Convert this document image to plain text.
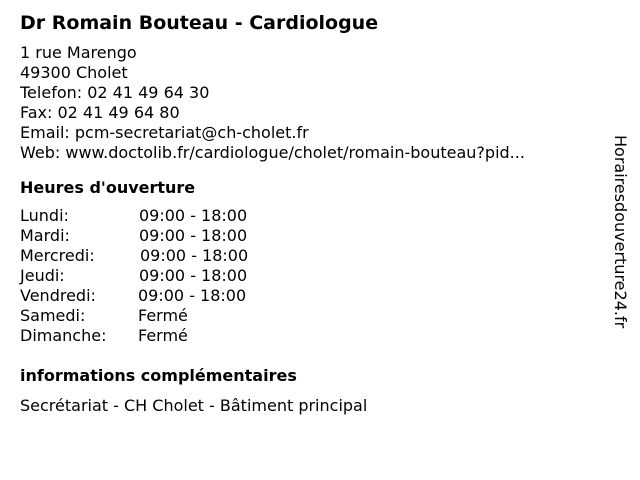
Dr Romain Bouteau - Cardiologue
1 rue Marengo
49300 Cholet
Telefon: 02 41 49 64 30
Fax: 02 41 49 64 80
Email: pcm-secretariat@ch-cholet.fr
Web: www.doctolib.fr/cardiologue/cholet/romain-bouteau?pid...
Heures d'ouverture
Lundi:	09:00 - 18:00
Mardi:	09:00 - 18:00
Mercredi:	09:00 - 18:00
Jeudi:	09:00 - 18:00
Vendredi:	09:00 - 18:00
Samedi:	Fermé
Dimanche: Fermé
informations complémentaires
Secrétariat - CH Cholet - Bâtiment principal
Horairesdouverture24.fr
